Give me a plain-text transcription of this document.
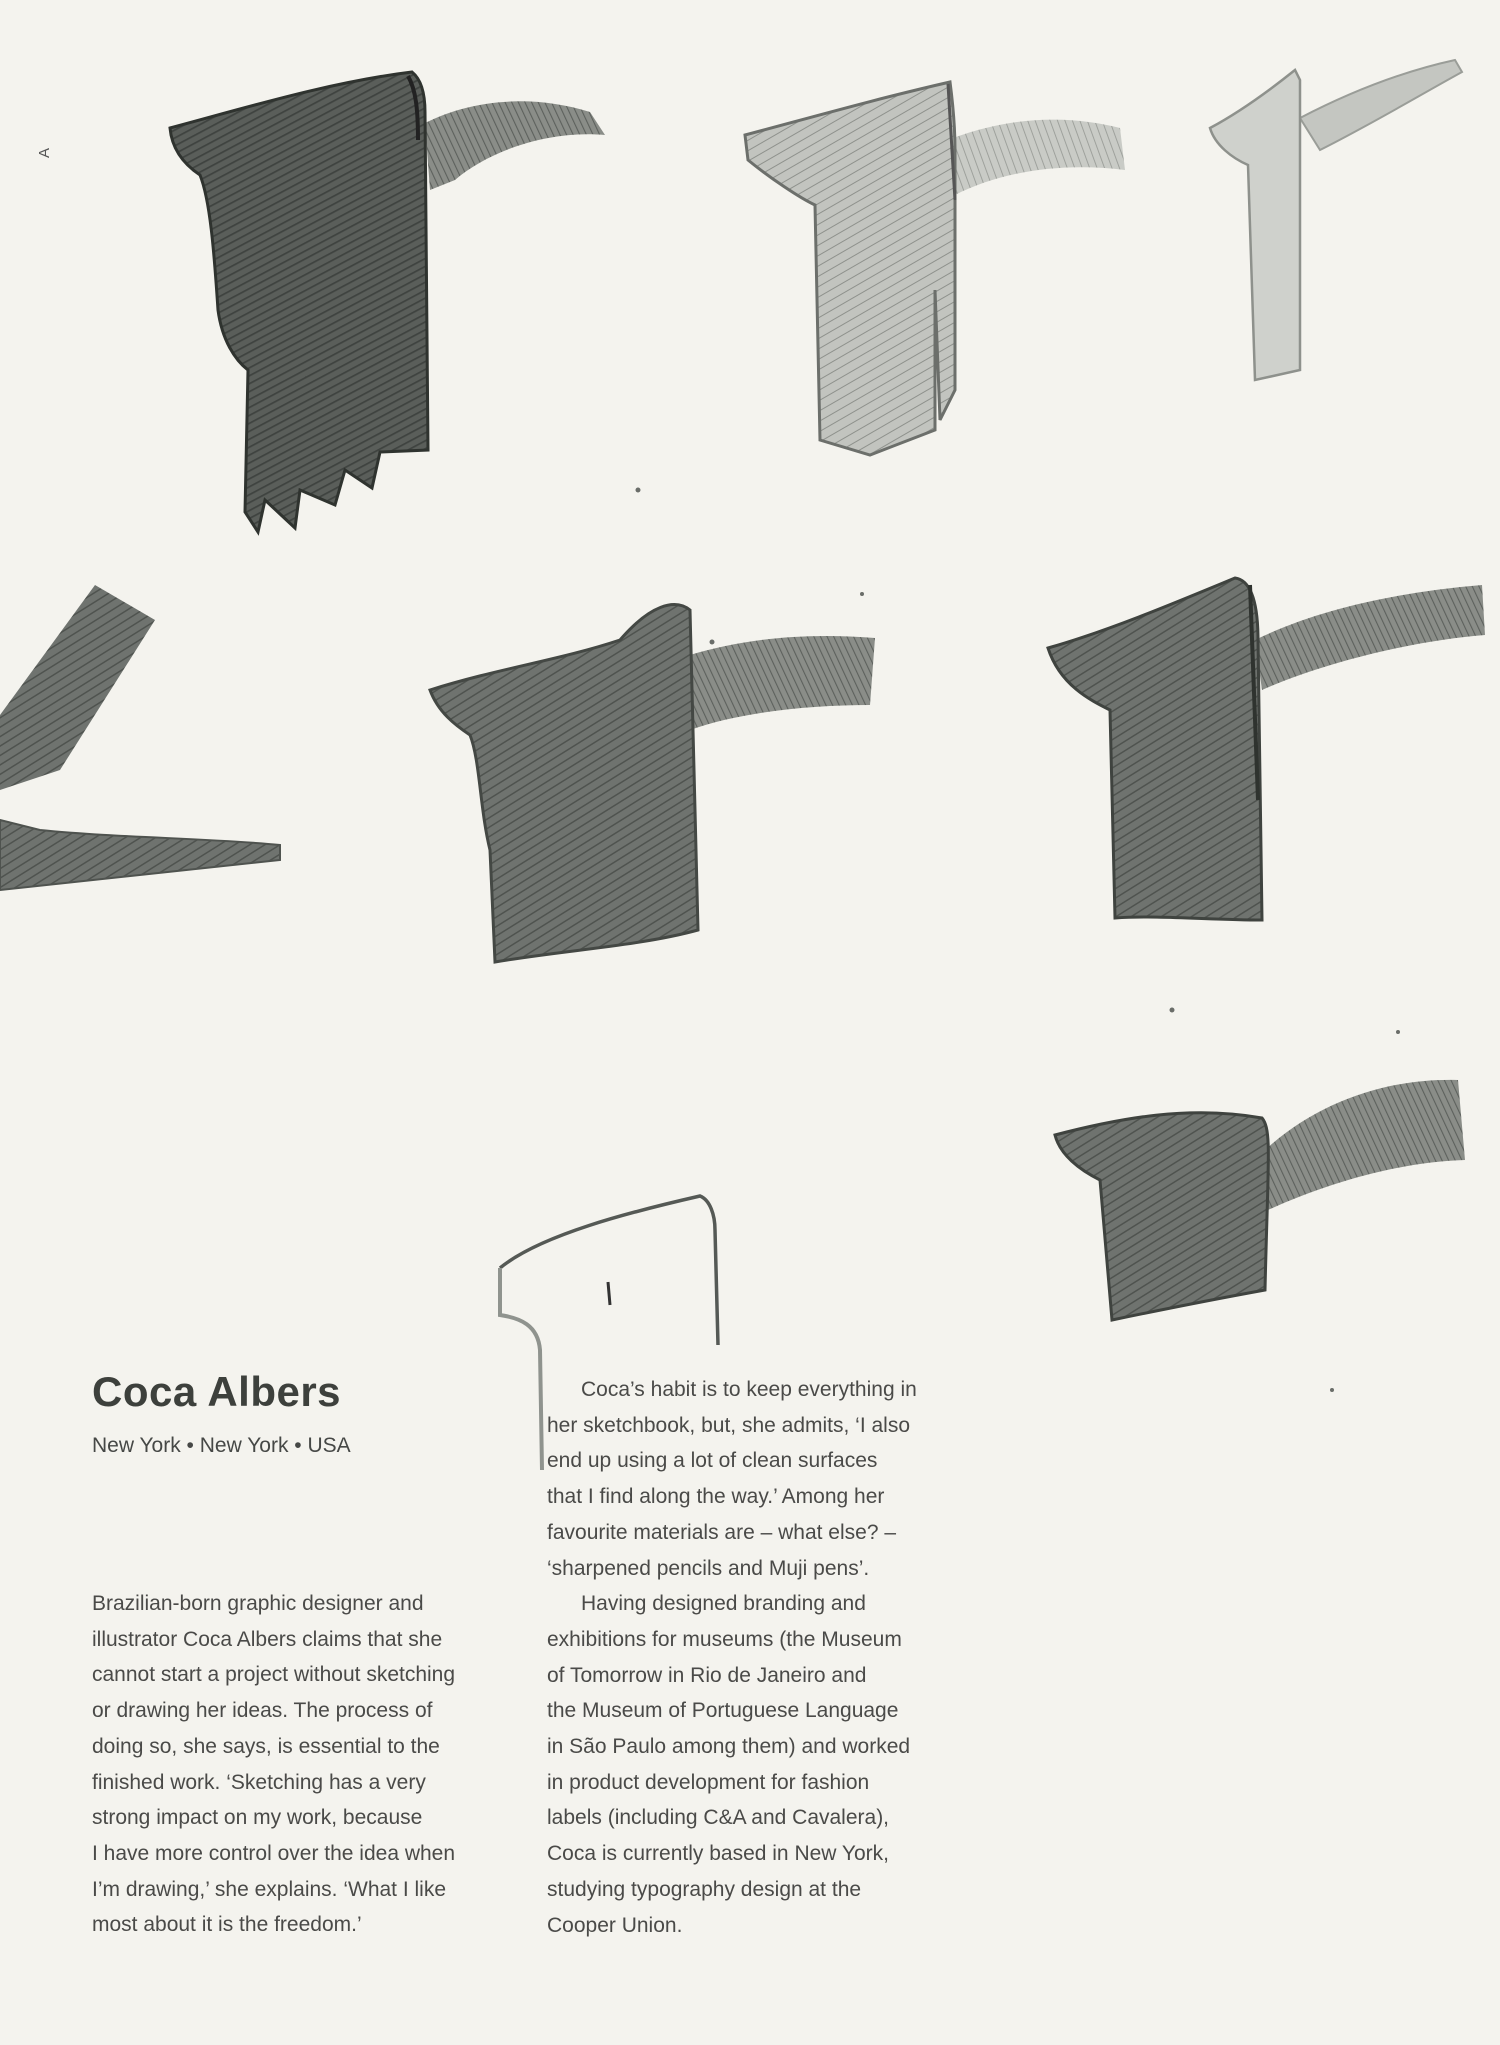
A
Coca Albers
New York • New York • USA

Brazilian-born graphic designer and
illustrator Coca Albers claims that she
cannot start a project without sketching
or drawing her ideas. The process of
doing so, she says, is essential to the
finished work. ‘Sketching has a very
strong impact on my work, because
I have more control over the idea when
I’m drawing,’ she explains. ‘What I like
most about it is the freedom.’

Coca’s habit is to keep everything in
her sketchbook, but, she admits, ‘I also
end up using a lot of clean surfaces
that I find along the way.’ Among her
favourite materials are – what else? –
‘sharpened pencils and Muji pens’.

Having designed branding and
exhibitions for museums (the Museum
of Tomorrow in Rio de Janeiro and
the Museum of Portuguese Language
in São Paulo among them) and worked
in product development for fashion
labels (including C&A and Cavalera),
Coca is currently based in New York,
studying typography design at the
Cooper Union.
